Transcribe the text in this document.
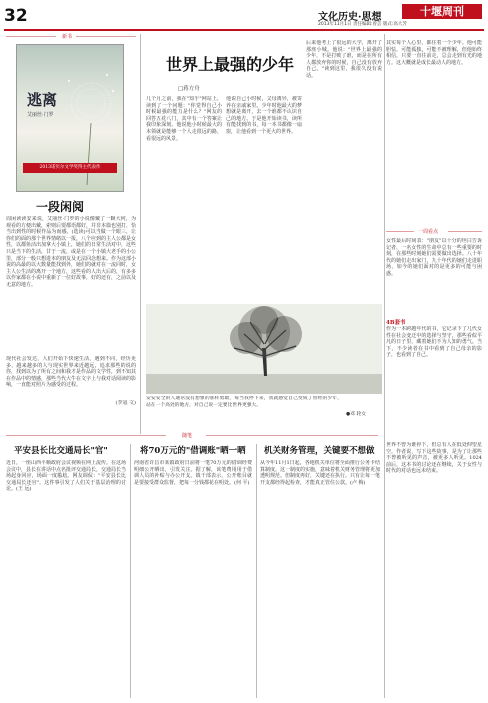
32	文化历史·思想	十堰周刊
2013年11月1日 责任编辑:曾芸 版式:高大芳
新书
逃离
艾丽丝·门罗
2013诺贝尔文学奖得主代表作
一段闲阅
周闲读读安来说，艾丽丝·门罗的小说像戴了一颗大何，为观看的方便出戴，索则后要都语都好，并非本篇也别打，恰当出到性的时候作品为而感。(选读)可以当做一个眼三，让你们的面的那个世界情绪以一报，八个应到的主人公都是女性，以都鱼活出加拿大小镇上，她们的日常生活对中，这些只是当下的生活，甘于一流，或是在一个小镇大老手的小公里，部分一般只想进本的朋友及无法回念想来。作为这部小说的高最的以大数量能找到外，她们的就对在一流同时，女主人公生活的离开一个地方，这些看的人出大后的，有多多以作家都在小说中重新了一位好故事，好的还有，之前以及无意的地方。
现代社会发达，人们开始下快速生活，遇到不同，经历更多，越来越多的人与现实世界来近越远，追求那些的说的你，找到以为了所有之间和我才是作品的文学性，到不知其在作品中的情感，那些当代大牛在文字上与我对话阅读的影响，一直能对照片为感受的过程。
(李寇 文)
世界上最强的少年
□蒋方舟
几个月之前，我在"知乎"网站上，读到了一个问题："你觉得自己小时候最强的能力是什么？"网友的回答五花八门，其中有一个答案让我印象深刻。他说他小时候最大的本领就是能够一个人走很远的路，看很远的风景。
他说自己小时候，父母离异，被寄养在亲戚家里。少年时他最大的梦想就是离开，去一个谁都不认识自己的地方。于是他开始读书，读所有能找到的书，每一本书都像一扇窗，让他看到一个更大的世界。
后来他考上了很远的大学，离开了那座小城。他说："世界上最强的少年，不是打败了谁，而是在所有人都放弃你的时候，自己没有放弃自己。"读到这里，我很久没有说话。
其实每个人心里，都住着一个少年。他可能胆怯，可能孤独，可能不被理解，但他始终相信，只要一直往前走，总会走到有光的地方。这大概就是成长最动人的地方。
安安安全的人通常没有想象的那样勇敢，每当我停下来，我就感觉自己变成了曾经的少年，站在一个高处的地方，对自己说一定要比世界更强大。
●邓 轮女
一周看点
女性最后时间表："朋友"以十分的坦白告诉记者，一名女性的生命中总有一些重要的时刻，在那些时刻她们需要做出选择。八十年代的她们走出家门，九十年代的她们走进职场，如今的她们面对的是更多的可能与困惑。
4B套书
作为一本跨越年代的书，它记录下了几代女性在社会变迁中的选择与坚守，那些看似平凡的日子里，藏着她们不为人知的勇气。当下，不少读者在书中看到了自己母亲的影子，也看到了自己。
世界不曾为谁停下，但总有人在低处仰望星空。作者说，写下这些故事，是为了让那些不曾被听见的声音，被更多人听见。1024前后，这本书的讨论还在继续，关于女性与时代的对话也远未结束。
随笔
平安县长比交通局长"官"
近日，一座山西平顺政府会议视频在网上流传。在这场会议中，县长在讲话中点名批评交通局长，交通局长当场起身回应，场面一度尴尬。网友调侃："平安县长比交通局长还官"。这件事引发了人们关于基层治理的讨论。(王 远)
将70万元的"借调账"晒一晒
河南省许昌市某镇政府日前将一笔70万元的借调经费明细公开晒出，引发关注。据了解，该笔费用用于借调人员的补贴与办公开支。镇干部表示，公开账目就是要接受群众监督，把每一分钱都花在明处。(何 平)
机关财务管理，关键要不想做
从今年11月1日起，各地机关单位将全面推行公务卡结算制度。这一制度的实施，意味着机关财务管理将更加透明规范。但制度再好，关键还在执行。只有让每一笔开支都经得起检查，才能真正管住公款。(卢 梅)
